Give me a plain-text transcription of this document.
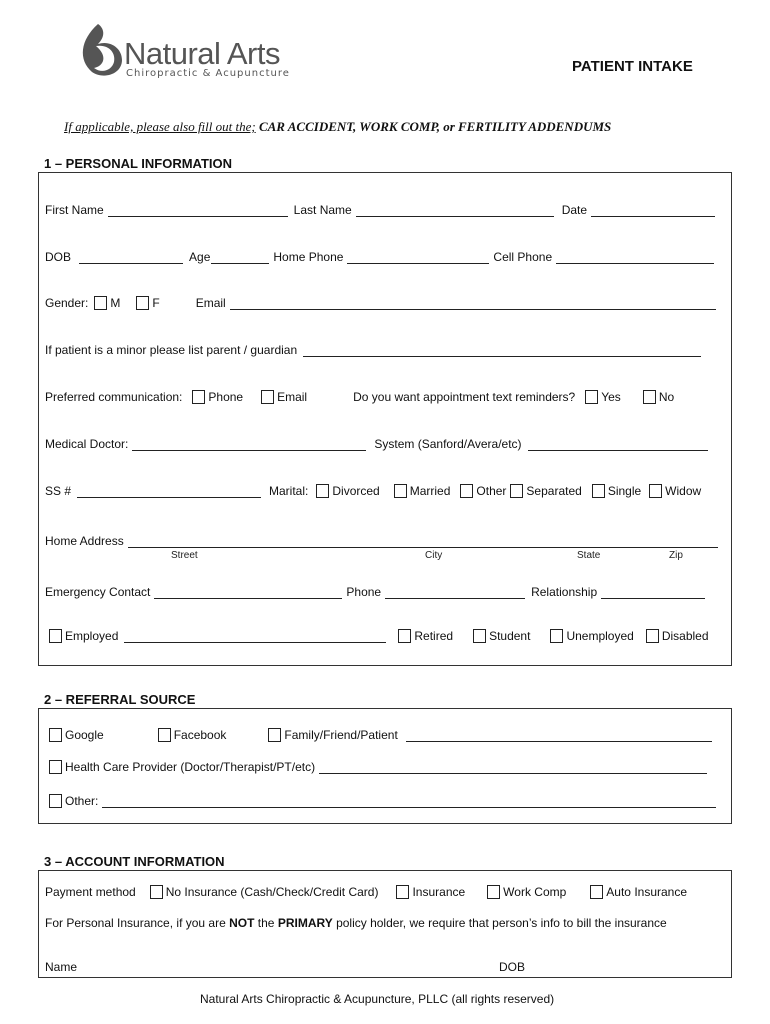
Natural Arts
Chiropractic & Acupuncture	PATIENT INTAKE
If applicable, please also fill out the; CAR ACCIDENT, WORK COMP, or FERTILITY ADDENDUMS
1 – PERSONAL INFORMATION
First Name	Last Name	Date
DOB	Age	Home Phone	Cell Phone
Gender: M	F	Email
If patient is a minor please list parent / guardian
Preferred communication: Phone	Email	Do you want appointment text reminders? Yes	No
Medical Doctor:	System (Sanford/Avera/etc)
SS #	Marital: Divorced	Married Other Separated Single Widow
Home Address
Street	City	State	Zip
Emergency Contact	Phone	Relationship
Employed	Retired	Student	Unemployed Disabled
2 – REFERRAL SOURCE
Google	Facebook	Family/Friend/Patient
Health Care Provider (Doctor/Therapist/PT/etc)
Other:
3 – ACCOUNT INFORMATION
Payment method	No Insurance (Cash/Check/Credit Card)	Insurance	Work Comp	Auto Insurance
For Personal Insurance, if you are
NOT
the
PRIMARY
policy holder, we require that person’s info to bill the insurance
Name	DOB
Natural Arts Chiropractic & Acupuncture, PLLC (all rights reserved)
